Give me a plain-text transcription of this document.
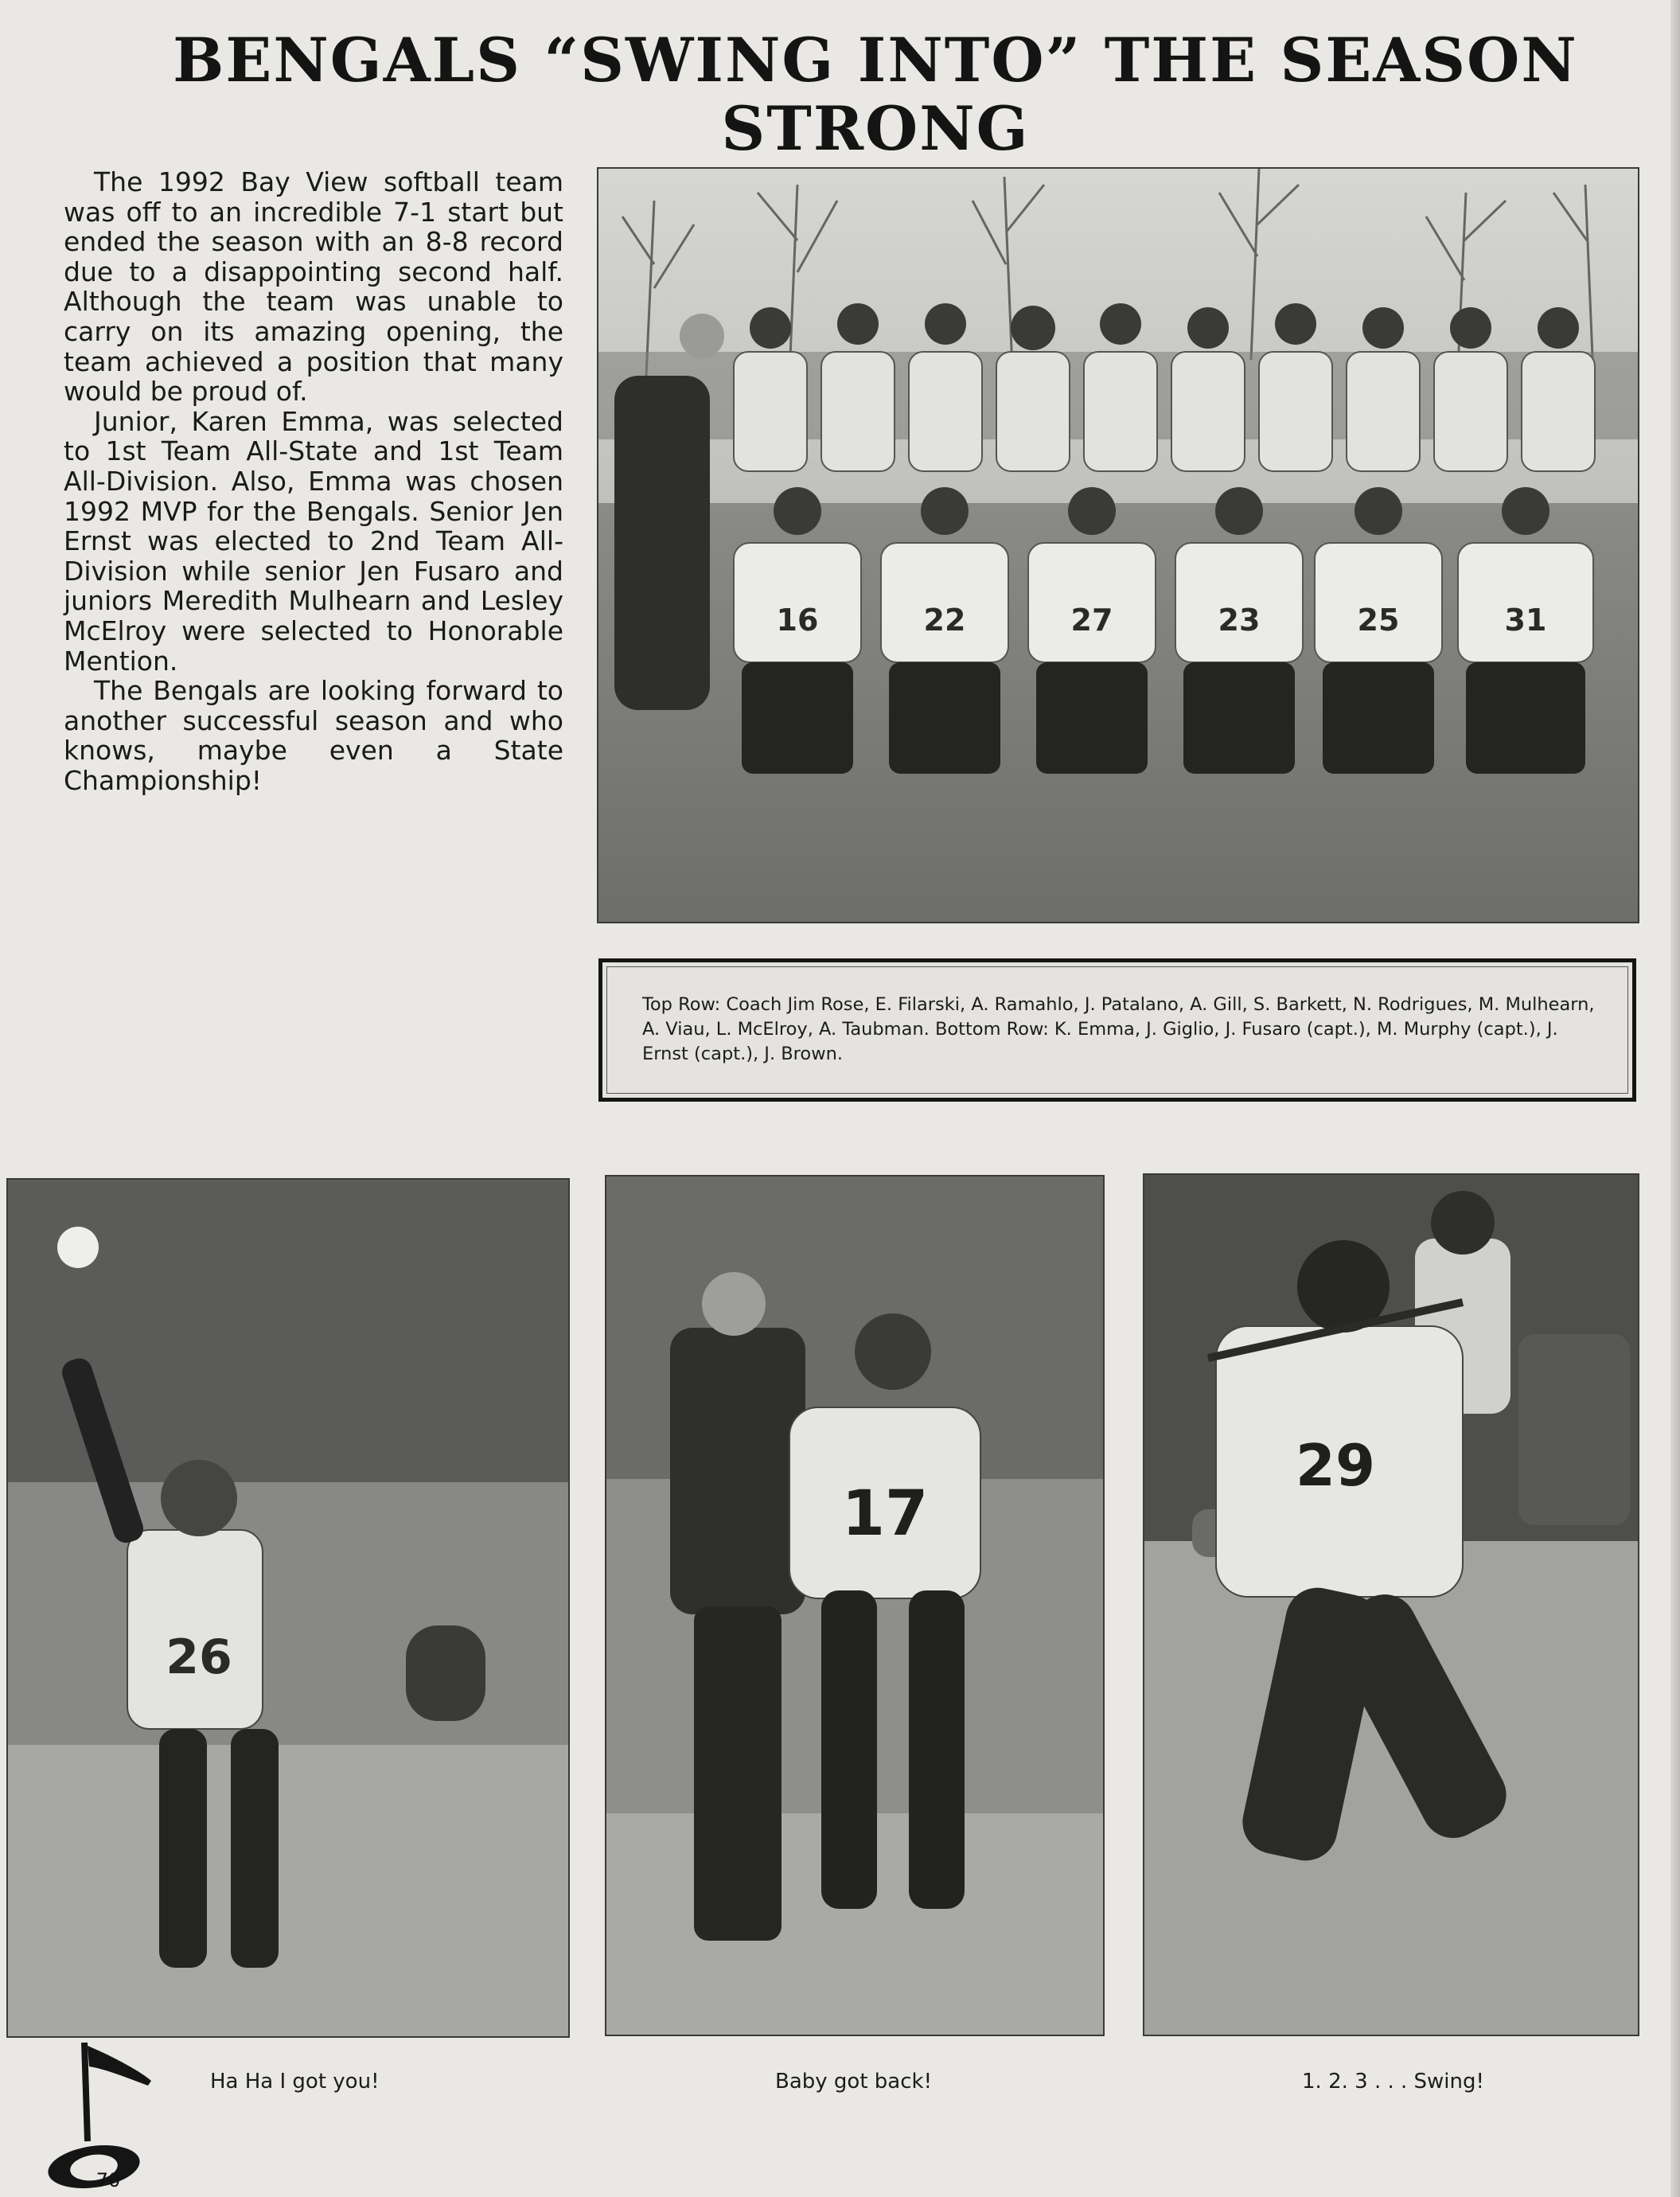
BENGALS “SWING INTO” THE SEASON
STRONG

The 1992 Bay View softball team was off to an incredible 7-1 start but ended the season with an 8-8 record due to a disappointing second half. Although the team was unable to carry on its amazing opening, the team achieved a position that many would be proud of.

Junior, Karen Emma, was selected to 1st Team All-State and 1st Team All-Division. Also, Emma was chosen 1992 MVP for the Bengals. Senior Jen Ernst was elected to 2nd Team All-Division while senior Jen Fusaro and juniors Meredith Mulhearn and Lesley McElroy were selected to Honorable Mention.

The Bengals are looking forward to another successful season and who knows, maybe even a State Championship!

16	22	27	23	25	31
Top Row: Coach Jim Rose, E. Filarski, A. Ramahlo, J. Patalano, A. Gill, S. Barkett, N. Rodrigues, M. Mulhearn, A. Viau, L. McElroy, A. Taubman. Bottom Row: K. Emma, J. Giglio, J. Fusaro (capt.), M. Murphy (capt.), J. Ernst (capt.), J. Brown.
26
17
29
Ha Ha I got you!	Baby got back!	1. 2. 3 . . . Swing!
70
